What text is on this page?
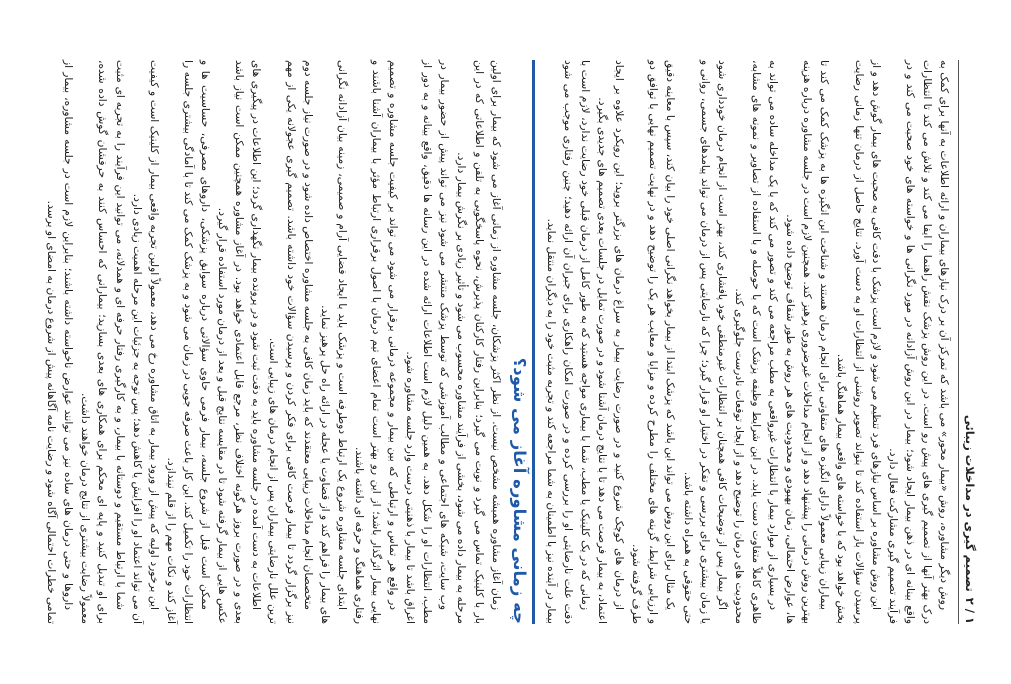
۱ / ۲
تصمیم گیری در مداخلات زیبائی

روش دیگر مشاوره، روش «بیمار محور» می باشد که تمرکز آن بر درک نیازهای بیماران و ارائه اطلاعات به آنها برای کمک به درک بهتر آنها از تصمیم گیری های پیش رو است. در این روش پزشک نقش راهنما را ایفا می کند و تلاش می کند تا انتظارات واقع بینانه ای در ذهن بیمار ایجاد شود؛ بیمار در این روش آزادانه در مورد نگرانی ها و خواسته های خود صحبت می کند و در فرآیند تصمیم گیری مشارکت فعال دارد.

این روش مشاوره بر اساس نیازهای فرد تنظیم می شود و لازم است پزشک با دقت کافی به صحبت های بیمار گوش دهد و از پرسیدن سؤالات باز استفاده کند تا بتواند تصویر روشنی از انتظارات او به دست آورد. نتایج حاصل از درمان تنها زمانی رضایت بخش خواهد بود که با خواسته های واقعی بیمار هماهنگ باشد.

بیماران زیبایی معمولاً دارای انگیزه های متفاوتی برای انجام درمان هستند و شناخت این انگیزه ها به پزشک کمک می کند تا بهترین روش درمانی را پیشنهاد دهد و از انجام مداخلات غیرضروری پرهیز کند. همچنین لازم است در جلسه مشاوره درباره هزینه ها، عوارض احتمالی، زمان بهبودی و محدودیت های هر روش به طور شفاف توضیح داده شود.

در بسیاری از موارد بیمار با انتظارات غیرواقعی به مطب مراجعه می کند و تصور می کند که با یک مداخله ساده می تواند به ظاهری کاملاً متفاوت دست یابد. در این شرایط وظیفه پزشک است که با حوصله و با استفاده از تصاویر و نمونه های مشابه، محدودیت های درمان را توضیح دهد و از ایجاد توقعات نادرست جلوگیری کند.

اگر بیمار پس از توضیحات کافی همچنان بر انتظارات غیرمنطقی خود پافشاری کند، بهتر است از انجام درمان خودداری شود یا زمان بیشتری برای بررسی و تفکر در اختیار او قرار گیرد؛ چرا که نارضایتی پس از درمان می تواند پیامدهای جسمی، روانی و حتی حقوقی به همراه داشته باشد.

یک مثال برای این روش می تواند این باشد که پزشک ابتدا از بیمار بخواهد نگرانی اصلی خود را بیان کند، سپس با معاینه دقیق و ارزیابی شرایط، گزینه های مختلف را مطرح کرده و مزایا و معایب هر یک را توضیح دهد و در نهایت تصمیم نهایی با توافق دو طرف گرفته شود.

از درمان های کوچک شروع کنید و در صورت رضایت بیمار به سراغ درمان های بزرگتر بروید؛ این رویکرد علاوه بر ایجاد اعتماد، به بیمار فرصت می دهد تا با نتایج درمان آشنا شود و در صورت تمایل در جلسات بعدی تصمیم های جدیدی بگیرد.

زمانی که در یک کلینیک یا مطب، شما با بیماری مواجه هستید که به طور کامل از درمان قبلی خود رضایت ندارد، لازم است با دقت علت نارضایتی او را بررسی کرده و در صورت امکان راهکاری برای جبران آن ارائه دهید؛ چنین رفتاری موجب می شود بیمار در آینده نیز با اطمینان به شما مراجعه کند و تجربه مثبت خود را به دیگران منتقل نماید.

چه زمانی مشاوره آغاز می شود؟

زمان آغاز مشاوره همیشه مشخص نیست. از نظر اکثر پزشکان، جلسه مشاوره از زمانی آغاز می شود که بیمار برای اولین بار با کلینیک تماس می گیرد و نوبت می گیرد؛ بنابراین رفتار کارکنان پذیرش، نحوه پاسخگویی به تلفن و اطلاعاتی که در این مرحله به بیمار داده می شود، بخشی از فرآیند مشاوره محسوب می شود و تأثیر زیادی بر نگرش بیمار دارد.

وب سایت، شبکه های اجتماعی و مطالب آموزشی که توسط پزشک منتشر می شود نیز می تواند پیش از حضور بیمار در مطب، انتظارات او را شکل دهد. به همین دلیل لازم است اطلاعات ارائه شده در این رسانه ها دقیق، واقع بینانه و به دور از اغراق باشد تا بیمار با ذهنیتی درست وارد جلسه مشاوره شود.

در واقع هر تماس و ارتباطی که بین بیمار و مجموعه درمانی برقرار می شود می تواند بر کیفیت جلسه مشاوره و تصمیم نهایی بیمار اثرگذار باشد؛ از این رو بهتر است تمام اعضای تیم درمان با اصول برقراری ارتباط مؤثر با بیماران آشنا باشند و رفتاری هماهنگ و حرفه ای داشته باشند.

ابتدای جلسه مشاوره شروع یک ارتباط دوطرفه است و پزشک باید با ایجاد فضایی آرام و صمیمی، زمینه بیان آزادانه نگرانی های بیمار را فراهم کند و از قضاوت یا عجله در ارائه راه حل پرهیز نماید.

متخصصان انجام مداخلات زیبایی معتقدند که باید زمان کافی به جلسه مشاوره اختصاص داده شود و در صورت نیاز جلسه دوم نیز برگزار گردد تا بیمار فرصت کافی برای فکر کردن و پرسیدن سؤالات خود داشته باشد. تصمیم گیری عجولانه یکی از مهم ترین علل نارضایتی بیماران پس از انجام درمان های زیبایی است.

اطلاعات به دست آمده در جلسه مشاوره باید به دقت ثبت شود و در پرونده بیمار نگهداری گردد؛ این اطلاعات در پیگیری های بعدی و در صورت بروز هرگونه اختلاف نظر، مرجع قابل اعتمادی خواهد بود. در آغاز مشاوره همچنین ممکن است نیاز باشد عکس هایی از بیمار گرفته شود تا در مقایسه نتایج قبل و بعد از درمان مورد استفاده قرار گیرد.

ممکن است قبل از شروع جلسه، بیمار فرمی حاوی سؤالاتی درباره سوابق پزشکی، داروهای مصرفی، حساسیت ها و انتظارات خود را تکمیل کند. این کار باعث صرفه جویی در زمان می شود و به پزشک کمک می کند تا با آمادگی بیشتری جلسه را آغاز کند و نکات مهم را از قلم نیندازد.

این برخورد اولیه که پیش از ورود بیمار به اتاق مشاوره رخ می دهد، معمولاً اولین تجربه واقعی بیمار از کلینیک است و کیفیت آن می تواند اعتماد او را افزایش یا کاهش دهد؛ پس توجه به جزئیات این مرحله اهمیت زیادی دارد.

شما با ارتباط مستقیم و دوستانه با بیمار، و به کارگیری رفتار حرفه ای و همدلانه، می توانید این فرآیند را به تجربه ای مثبت برای او تبدیل کنید و پایه ای محکم برای همکاری های بعدی بسازید؛ بیمارانی که احساس کنند به حرفشان گوش داده شده، معمولاً رضایت بیشتری از نتایج درمان خواهند داشت.

داروها و حتی درمان های ساده نیز می توانند عوارض ناخواسته داشته باشند؛ بنابراین لازم است در جلسه مشاوره، بیمار از تمامی خطرات احتمالی آگاه شود و رضایت نامه آگاهانه پیش از شروع درمان به امضای او برسد.
